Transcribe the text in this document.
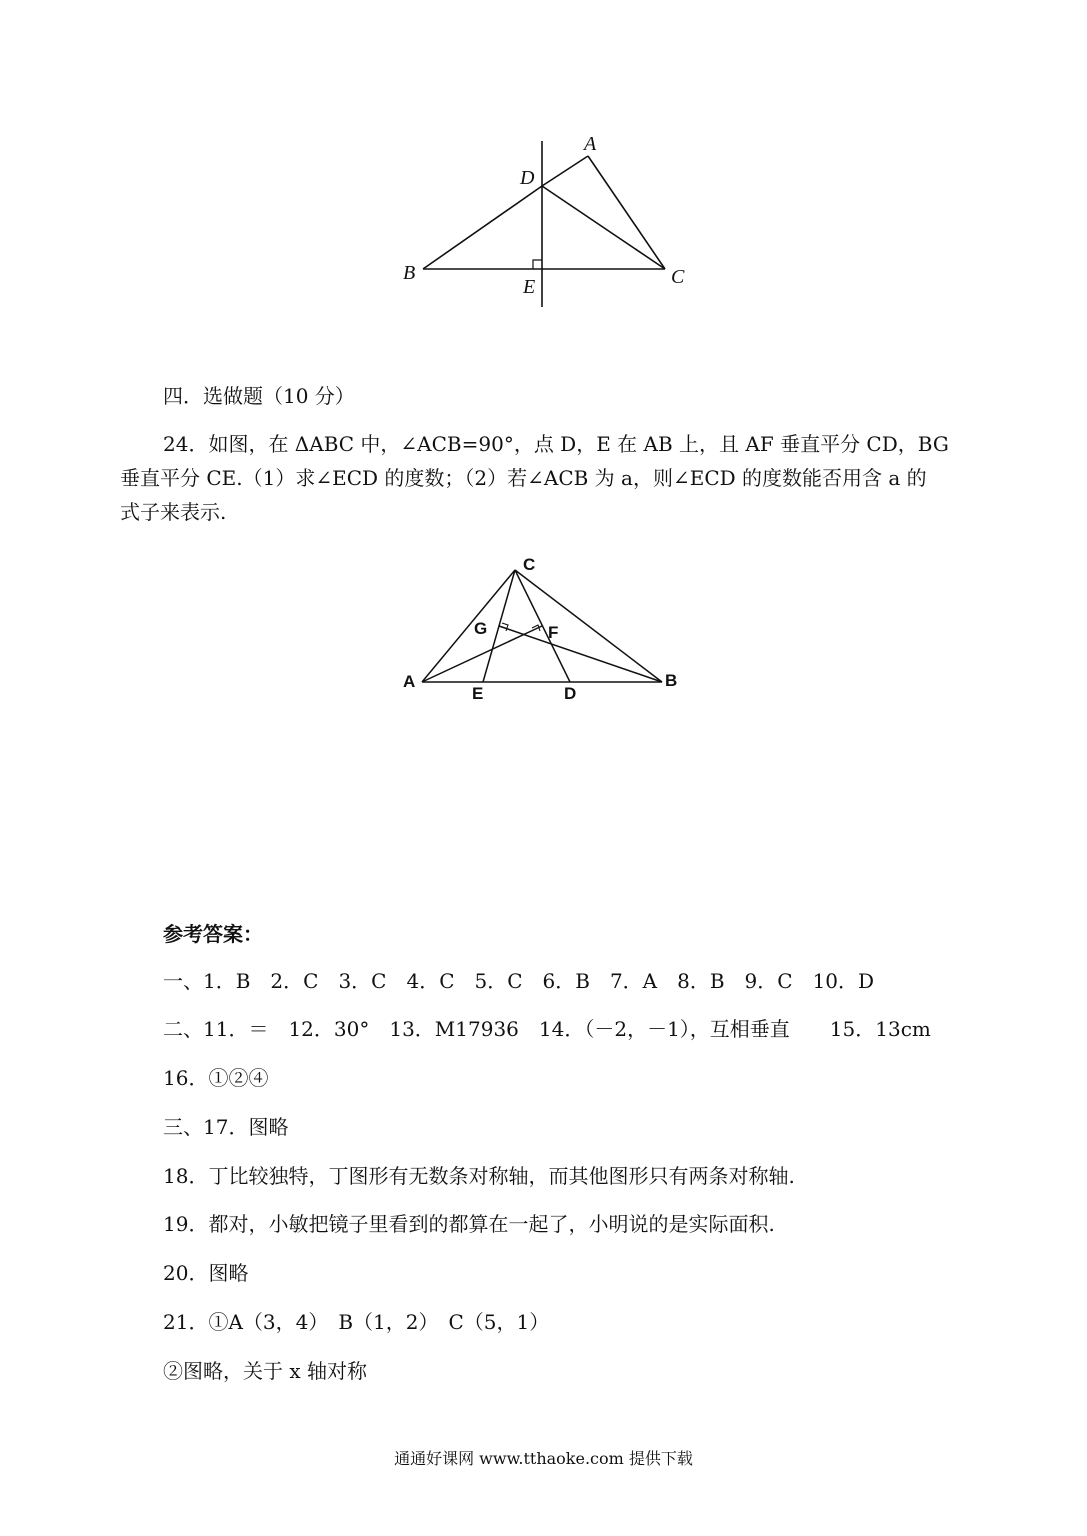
A
D
B	C
E
四．选做题（10 分）
24．如图，在 ΔABC 中，∠ACB=90°，点 D，E 在 AB 上，且 AF 垂直平分 CD，BG
垂直平分 CE.（1）求∠ECD 的度数；（2）若∠ACB 为 a，则∠ECD 的度数能否用含 a 的
式子来表示.
C
G	F
A	B
E	D
参考答案：
一、1．B　2．C　3．C　4．C　5．C　6．B　7．A　8．B　9．C　10．D
二、11．＝　12．30°　13．M17936　14．（－2，－1），互相垂直　　15．13cm
16．①②④
三、17．图略
18．丁比较独特，丁图形有无数条对称轴，而其他图形只有两条对称轴.
19．都对，小敏把镜子里看到的都算在一起了，小明说的是实际面积.
20．图略
21．①A（3，4）　B（1，2）　C（5，1）
②图略，关于 x 轴对称
通通好课网 www.tthaoke.com 提供下载
